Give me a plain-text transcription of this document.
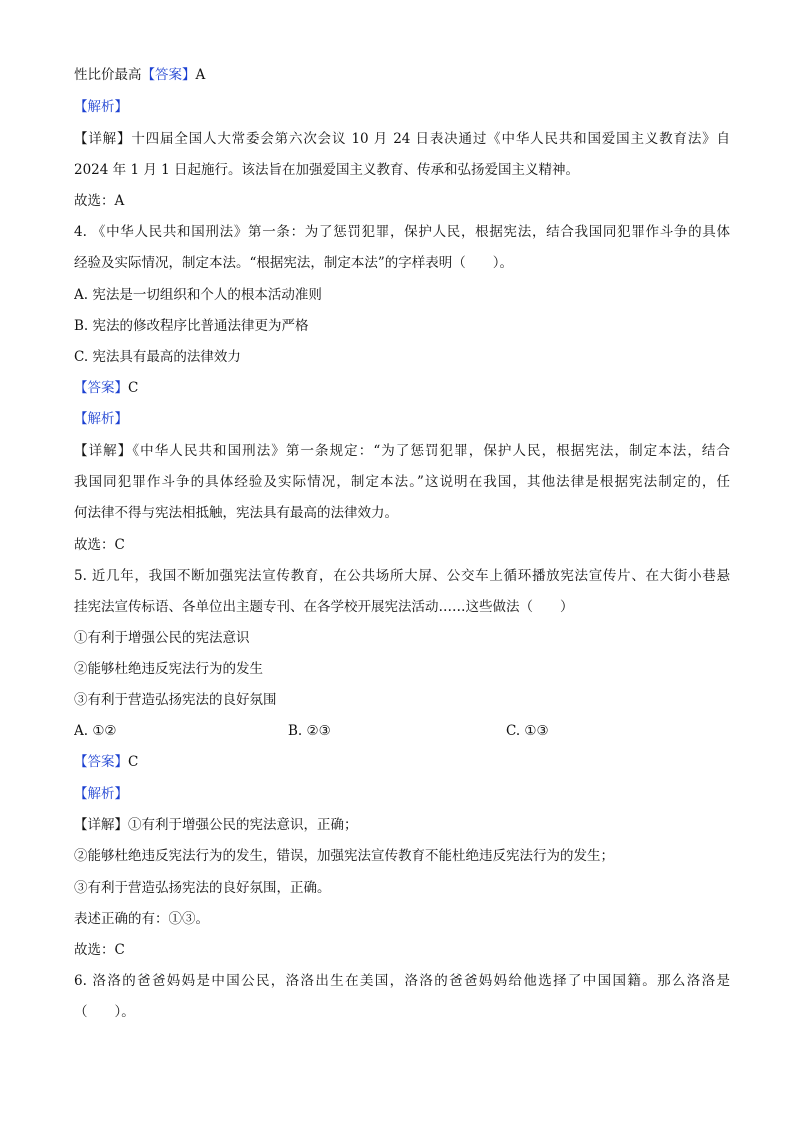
性比价最高【答案】A
【解析】
【详解】十四届全国人大常委会第六次会议 10 月 24 日表决通过《中华人民共和国爱国主义教育法》自
2024 年 1 月 1 日起施行。该法旨在加强爱国主义教育、传承和弘扬爱国主义精神。
故选：A
4. 《中华人民共和国刑法》第一条：为了惩罚犯罪，保护人民，根据宪法，结合我国同犯罪作斗争的具体
经验及实际情况，制定本法。“根据宪法，制定本法”的字样表明（　　）。
A. 宪法是一切组织和个人的根本活动准则
B. 宪法的修改程序比普通法律更为严格
C. 宪法具有最高的法律效力
【答案】C
【解析】
【详解】《中华人民共和国刑法》第一条规定：“为了惩罚犯罪，保护人民，根据宪法，制定本法，结合
我国同犯罪作斗争的具体经验及实际情况，制定本法。”这说明在我国，其他法律是根据宪法制定的，任
何法律不得与宪法相抵触，宪法具有最高的法律效力。
故选：C
5. 近几年，我国不断加强宪法宣传教育，在公共场所大屏、公交车上循环播放宪法宣传片、在大街小巷悬
挂宪法宣传标语、各单位出主题专刊、在各学校开展宪法活动……这些做法（　　）
①有利于增强公民的宪法意识
②能够杜绝违反宪法行为的发生
③有利于营造弘扬宪法的良好氛围
A. ①②	B. ②③	C. ①③
【答案】C
【解析】
【详解】①有利于增强公民的宪法意识，正确；
②能够杜绝违反宪法行为的发生，错误，加强宪法宣传教育不能杜绝违反宪法行为的发生；
③有利于营造弘扬宪法的良好氛围，正确。
表述正确的有：①③。
故选：C
6. 洛洛的爸爸妈妈是中国公民，洛洛出生在美国，洛洛的爸爸妈妈给他选择了中国国籍。那么洛洛是
（　　）。
